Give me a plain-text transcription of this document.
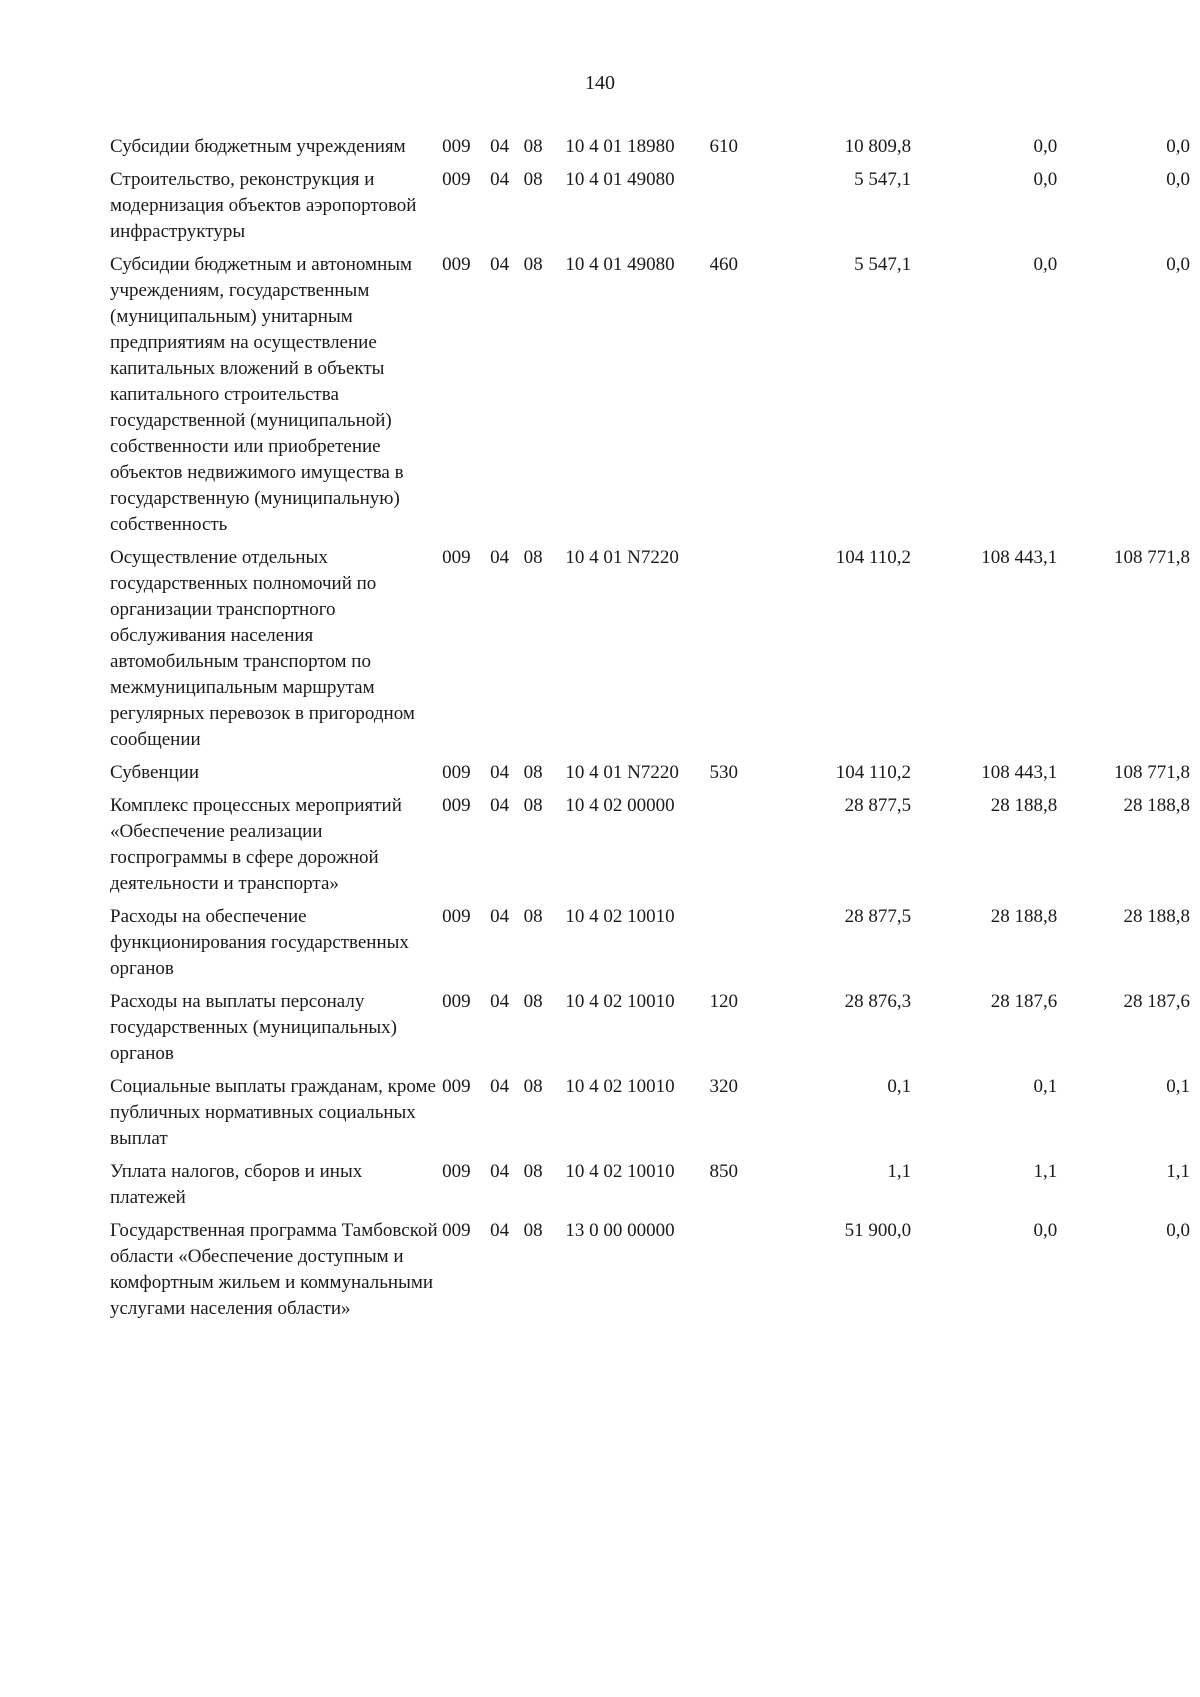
140
Субсидии бюджетным учреждениям	009	04	08	10 4 01 18980	610	10 809,8	0,0	0,0
Строительство, реконструкция и модернизация объектов аэропортовой инфраструктуры	009	04	08	10 4 01 49080		5 547,1	0,0	0,0
Субсидии бюджетным и автономным учреждениям, государственным (муниципальным) унитарным предприятиям на осуществление капитальных вложений в объекты капитального строительства государственной (муниципальной) собственности или приобретение объектов недвижимого имущества в государственную (муниципальную) собственность	009	04	08	10 4 01 49080	460	5 547,1	0,0	0,0
Осуществление отдельных государственных полномочий по организации транспортного обслуживания населения автомобильным транспортом по межмуниципальным маршрутам регулярных перевозок в пригородном сообщении	009	04	08	10 4 01 N7220		104 110,2	108 443,1	108 771,8
Субвенции	009	04	08	10 4 01 N7220	530	104 110,2	108 443,1	108 771,8
Комплекс процессных мероприятий «Обеспечение реализации госпрограммы в сфере дорожной деятельности и транспорта»	009	04	08	10 4 02 00000		28 877,5	28 188,8	28 188,8
Расходы на обеспечение функционирования государственных органов	009	04	08	10 4 02 10010		28 877,5	28 188,8	28 188,8
Расходы на выплаты персоналу государственных (муниципальных) органов	009	04	08	10 4 02 10010	120	28 876,3	28 187,6	28 187,6
Социальные выплаты гражданам, кроме публичных нормативных социальных выплат	009	04	08	10 4 02 10010	320	0,1	0,1	0,1
Уплата налогов, сборов и иных платежей	009	04	08	10 4 02 10010	850	1,1	1,1	1,1
Государственная программа Тамбовской области «Обеспечение доступным и комфортным жильем и коммунальными услугами населения области»	009	04	08	13 0 00 00000		51 900,0	0,0	0,0
